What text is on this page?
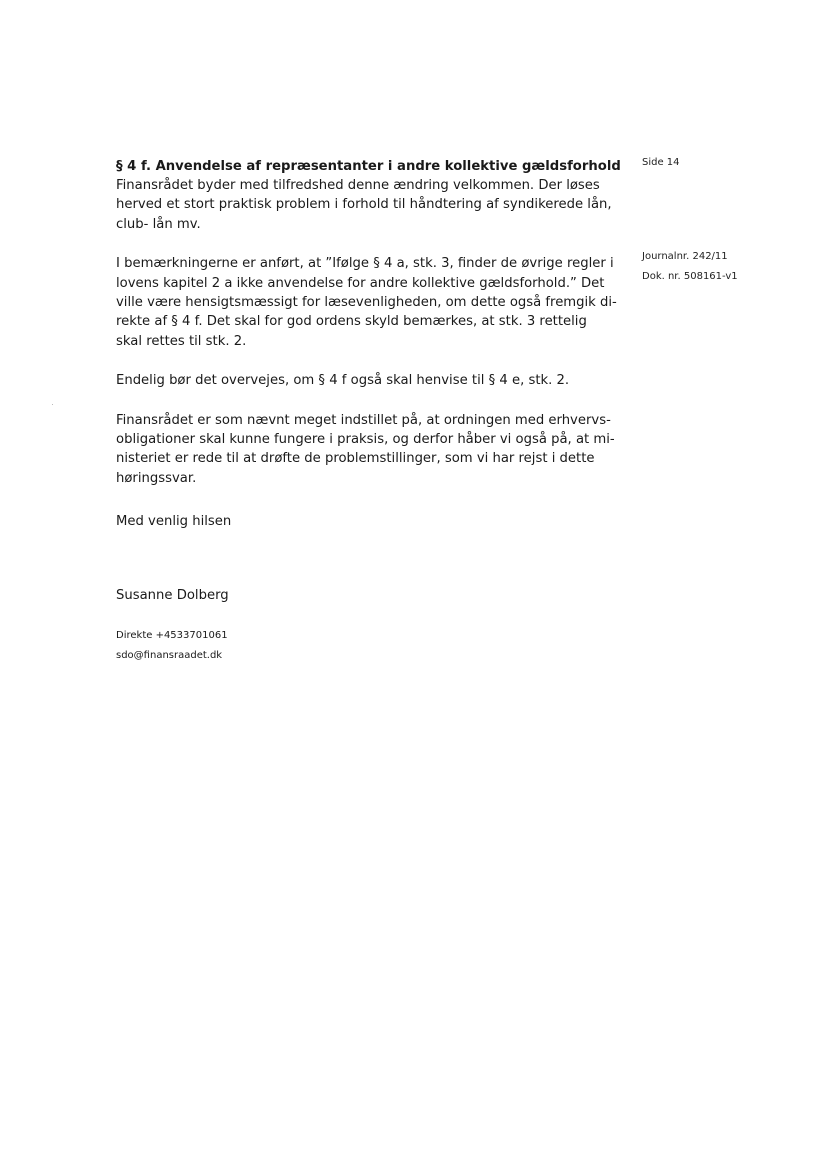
Side 14
Journalnr. 242/11
Dok. nr. 508161-v1

§ 4 f. Anvendelse af repræsentanter i andre kollektive gældsforhold

Finansrådet byder med tilfredshed denne ændring velkommen. Der løses
herved et stort praktisk problem i forhold til håndtering af syndikerede lån,
club- lån mv.

I bemærkningerne er anført, at ”Ifølge § 4 a, stk. 3, finder de øvrige regler i
lovens kapitel 2 a ikke anvendelse for andre kollektive gældsforhold.” Det
ville være hensigtsmæssigt for læsevenligheden, om dette også fremgik di-
rekte af § 4 f. Det skal for god ordens skyld bemærkes, at stk. 3 rettelig
skal rettes til stk. 2.

Endelig bør det overvejes, om § 4 f også skal henvise til § 4 e, stk. 2.

Finansrådet er som nævnt meget indstillet på, at ordningen med erhvervs-
obligationer skal kunne fungere i praksis, og derfor håber vi også på, at mi-
nisteriet er rede til at drøfte de problemstillinger, som vi har rejst i dette
høringssvar.

Med venlig hilsen
Susanne Dolberg
Direkte +4533701061
sdo@finansraadet.dk
